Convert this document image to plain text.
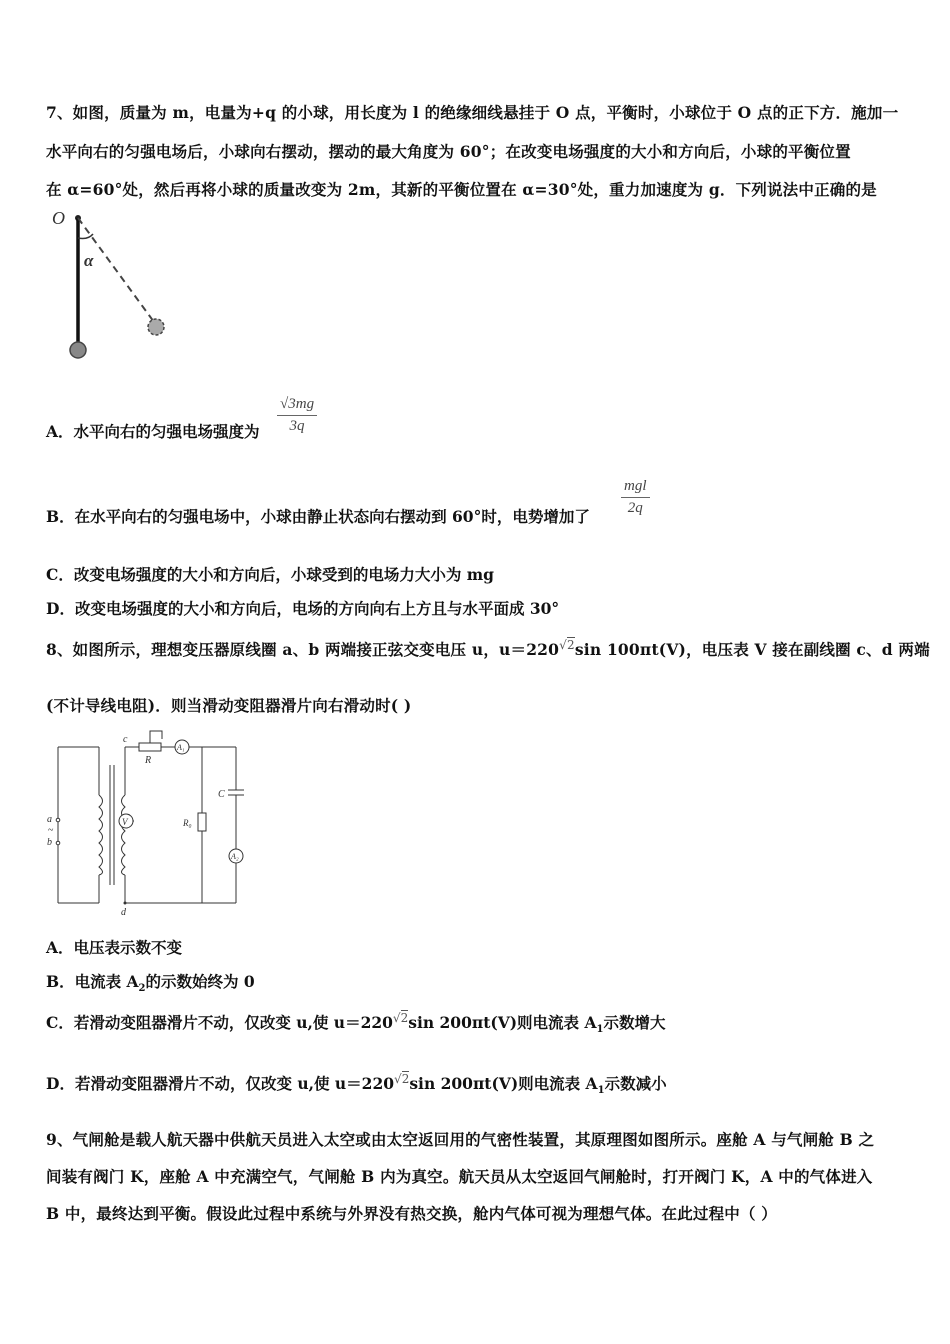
7、如图，质量为 m，电量为+q 的小球，用长度为 l 的绝缘细线悬挂于 O 点，平衡时，小球位于 O 点的正下方．施加一
水平向右的匀强电场后，小球向右摆动，摆动的最大角度为 60°；在改变电场强度的大小和方向后，小球的平衡位置
在 α=60°处，然后再将小球的质量改变为 2m，其新的平衡位置在 α=30°处，重力加速度为 g．下列说法中正确的是
O
α
A．水平向右的匀强电场强度为
√3mg
3q
B．在水平向右的匀强电场中，小球由静止状态向右摆动到 60°时，电势增加了
mgl
2q
C．改变电场强度的大小和方向后，小球受到的电场力大小为 mg
D．改变电场强度的大小和方向后，电场的方向向右上方且与水平面成 30°
8、如图所示，理想变压器原线圈 a、b 两端接正弦交变电压 u，$u=220^{√2}\sin$ 100πt(V)，电压表 V 接在副线圈 c、d 两端
(不计导线电阻)．则当滑动变阻器滑片向右滑动时( )
a
b
~
c
R
A₁
V	R₀
C
A₂
d
A．电压表示数不变
B．电流表 $A_2$的示数始终为 0
C．若滑动变阻器滑片不动，仅改变 u,使 $u=220^{√2}\sin$ 200πt(V)则电流表 $A_1$示数增大
D．若滑动变阻器滑片不动，仅改变 u,使 $u=220^{√2}\sin$ 200πt(V)则电流表 $A_1$示数减小
9、气闸舱是载人航天器中供航天员进入太空或由太空返回用的气密性装置，其原理图如图所示。座舱 A 与气闸舱 B 之
间装有阀门 K，座舱 A 中充满空气，气闸舱 B 内为真空。航天员从太空返回气闸舱时，打开阀门 K，A 中的气体进入
B 中，最终达到平衡。假设此过程中系统与外界没有热交换，舱内气体可视为理想气体。在此过程中（ ）
